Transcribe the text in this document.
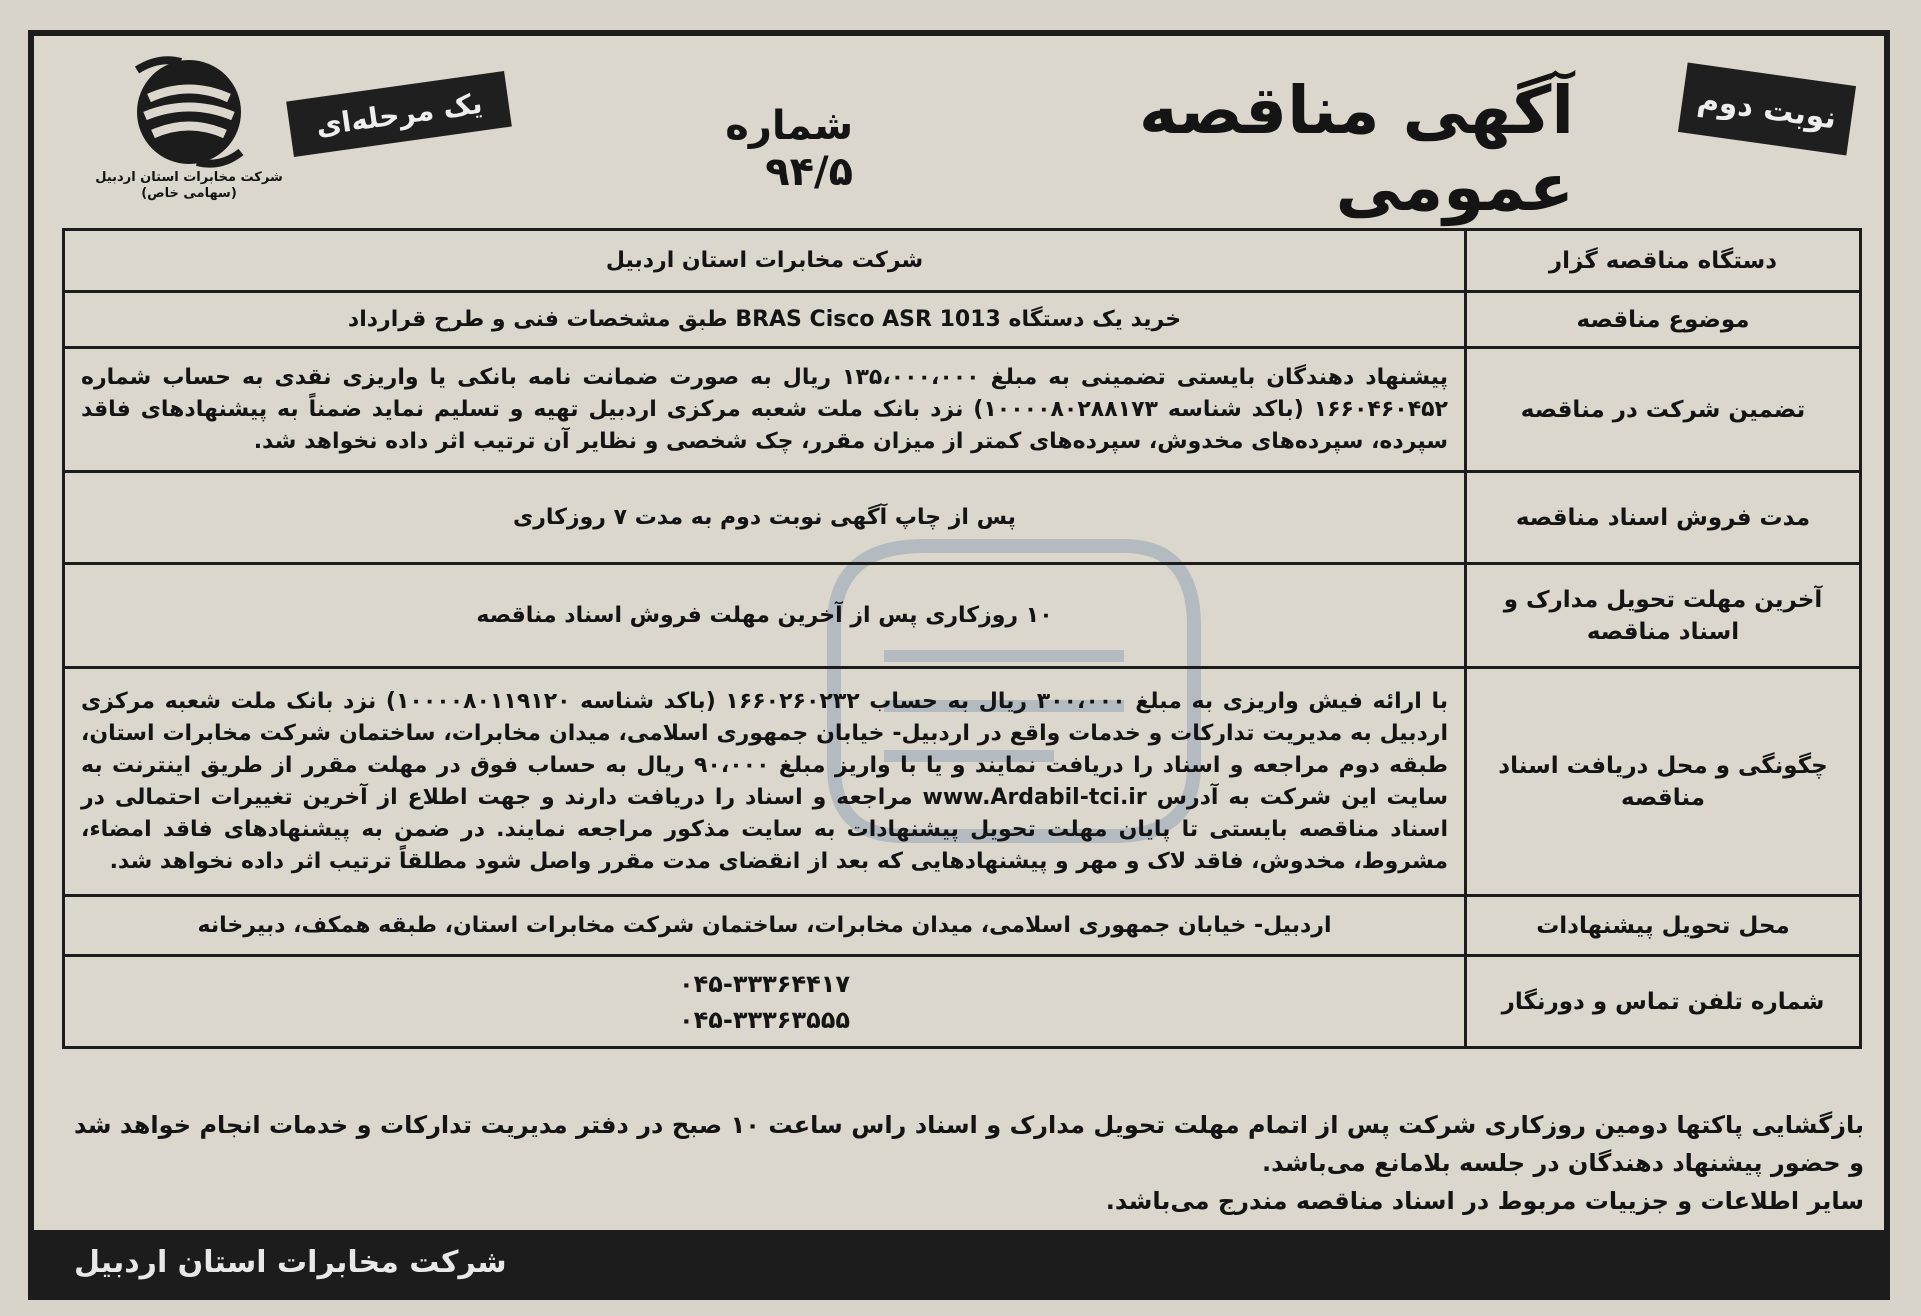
شرکت مخابرات استان اردبیل
(سهامی خاص)
یک مرحله‌ای	آگهی مناقصه عمومی
شماره ۹۴/۵
نوبت دوم
دستگاه مناقصه گزار	شرکت مخابرات استان اردبیل
موضوع مناقصه	خرید یک دستگاه BRAS Cisco ASR 1013 طبق مشخصات فنی و طرح قرارداد
تضمین شرکت در مناقصه	پیشنهاد دهندگان بایستی تضمینی به مبلغ ۱۳۵،۰۰۰،۰۰۰ ریال به صورت ضمانت نامه بانکی یا واریزی نقدی به حساب شماره ۱۶۶۰۴۶۰۴۵۲ (باکد شناسه ۱۰۰۰۰۸۰۲۸۸۱۷۳) نزد بانک ملت شعبه مرکزی اردبیل تهیه و تسلیم نماید ضمناً به پیشنهادهای فاقد سپرده، سپرده‌های مخدوش، سپرده‌های کمتر از میزان مقرر، چک شخصی و نظایر آن ترتیب اثر داده نخواهد شد.
مدت فروش اسناد مناقصه	پس از چاپ آگهی نوبت دوم به مدت ۷ روزکاری
آخرین مهلت تحویل مدارک و اسناد مناقصه	۱۰ روزکاری پس از آخرین مهلت فروش اسناد مناقصه
چگونگی و محل دریافت اسناد مناقصه	با ارائه فیش واریزی به مبلغ ۳۰۰،۰۰۰ ریال به حساب ۱۶۶۰۲۶۰۲۳۲ (باکد شناسه ۱۰۰۰۰۸۰۱۱۹۱۲۰) نزد بانک ملت شعبه مرکزی اردبیل به مدیریت تدارکات و خدمات واقع در اردبیل- خیابان جمهوری اسلامی، میدان مخابرات، ساختمان شرکت مخابرات استان، طبقه دوم مراجعه و اسناد را دریافت نمایند و یا با واریز مبلغ ۹۰،۰۰۰ ریال به حساب فوق در مهلت مقرر از طریق اینترنت به سایت این شرکت به آدرس www.Ardabil-tci.ir مراجعه و اسناد را دریافت دارند و جهت اطلاع از آخرین تغییرات احتمالی در اسناد مناقصه بایستی تا پایان مهلت تحویل پیشنهادات به سایت مذکور مراجعه نمایند. در ضمن به پیشنهادهای فاقد امضاء، مشروط، مخدوش، فاقد لاک و مهر و پیشنهادهایی که بعد از انقضای مدت مقرر واصل شود مطلقاً ترتیب اثر داده نخواهد شد.
محل تحویل پیشنهادات	اردبیل- خیابان جمهوری اسلامی، میدان مخابرات، ساختمان شرکت مخابرات استان، طبقه همکف، دبیرخانه
شماره تلفن تماس و دورنگار	۰۴۵-۳۳۳۶۴۴۱۷
۰۴۵-۳۳۳۶۳۵۵۵

بازگشایی پاکتها دومین روزکاری شرکت پس از اتمام مهلت تحویل مدارک و اسناد راس ساعت ۱۰ صبح در دفتر مدیریت تدارکات و خدمات انجام خواهد شد و حضور پیشنهاد دهندگان در جلسه بلامانع می‌باشد.

سایر اطلاعات و جزییات مربوط در اسناد مناقصه مندرج می‌باشد.

شرکت مخابرات استان اردبیل
